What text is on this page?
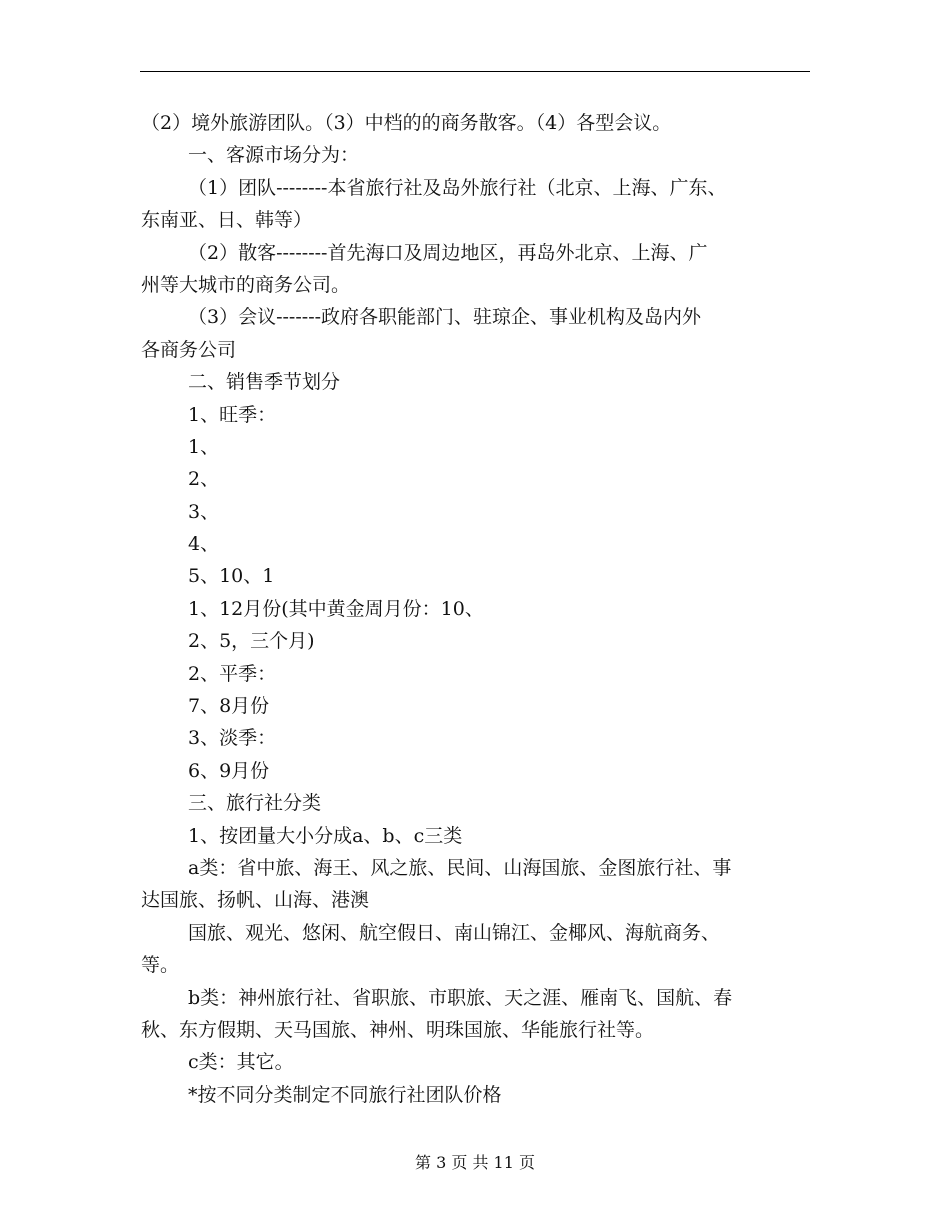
（2）境外旅游团队。（3）中档的的商务散客。（4）各型会议。
一、客源市场分为：
（1）团队--------本省旅行社及岛外旅行社（北京、上海、广东、
东南亚、日、韩等）
（2）散客--------首先海口及周边地区，再岛外北京、上海、广
州等大城市的商务公司。
（3）会议-------政府各职能部门、驻琼企、事业机构及岛内外
各商务公司
二、销售季节划分
1、旺季：
1、
2、
3、
4、
5、10、1
1、12月份(其中黄金周月份：10、
2、5，三个月)
2、平季：
7、8月份
3、淡季：
6、9月份
三、旅行社分类
1、按团量大小分成a、b、c三类
a类：省中旅、海王、风之旅、民间、山海国旅、金图旅行社、事
达国旅、扬帆、山海、港澳
国旅、观光、悠闲、航空假日、南山锦江、金椰风、海航商务、
等。
b类：神州旅行社、省职旅、市职旅、天之涯、雁南飞、国航、春
秋、东方假期、天马国旅、神州、明珠国旅、华能旅行社等。
c类：其它。
*按不同分类制定不同旅行社团队价格
第 3 页 共 11 页
